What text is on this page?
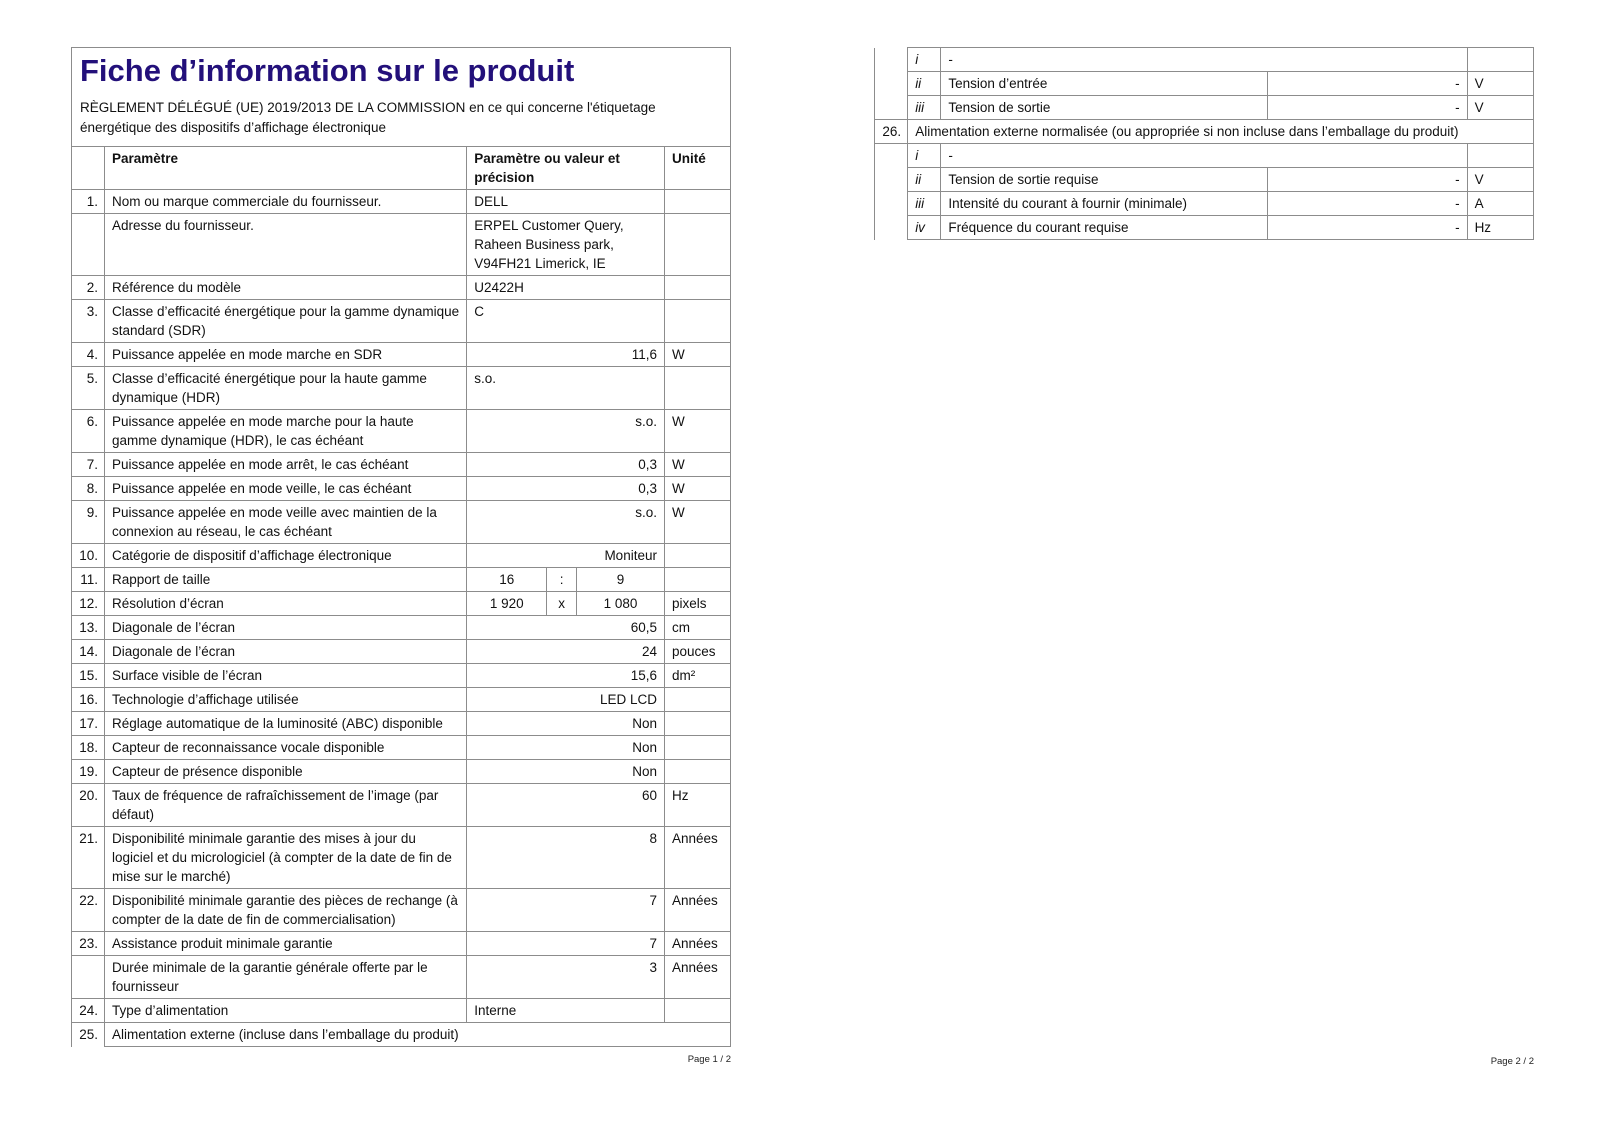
Fiche d’information sur le produit

RÈGLEMENT DÉLÉGUÉ (UE) 2019/2013 DE LA COMMISSION en ce qui concerne l'étiquetage énergétique des dispositifs d’affichage électronique

	Paramètre	Paramètre ou valeur et précision			Unité
1.	Nom ou marque commerciale du fournisseur.	DELL			
	Adresse du fournisseur.	ERPEL Customer Query, Raheen Business park, V94FH21 Limerick, IE			
2.	Référence du modèle	U2422H			
3.	Classe d’efficacité énergétique pour la gamme dynamique standard (SDR)	C			
4.	Puissance appelée en mode marche en SDR	11,6			W
5.	Classe d’efficacité énergétique pour la haute gamme dynamique (HDR)	s.o.			
6.	Puissance appelée en mode marche pour la haute gamme dynamique (HDR), le cas échéant	s.o.			W
7.	Puissance appelée en mode arrêt, le cas échéant	0,3			W
8.	Puissance appelée en mode veille, le cas échéant	0,3			W
9.	Puissance appelée en mode veille avec maintien de la connexion au réseau, le cas échéant	s.o.			W
10.	Catégorie de dispositif d’affichage électronique	Moniteur			
11.	Rapport de taille	16	:	9	
12.	Résolution d’écran	1 920	x	1 080	pixels
13.	Diagonale de l’écran	60,5			cm
14.	Diagonale de l’écran	24			pouces
15.	Surface visible de l’écran	15,6			dm²
16.	Technologie d’affichage utilisée	LED LCD			
17.	Réglage automatique de la luminosité (ABC) disponible	Non			
18.	Capteur de reconnaissance vocale disponible	Non			
19.	Capteur de présence disponible	Non			
20.	Taux de fréquence de rafraîchissement de l’image (par défaut)	60			Hz
21.	Disponibilité minimale garantie des mises à jour du logiciel et du micrologiciel (à compter de la date de fin de mise sur le marché)	8			Années
22.	Disponibilité minimale garantie des pièces de rechange (à compter de la date de fin de commercialisation)	7			Années
23.	Assistance produit minimale garantie	7			Années
	Durée minimale de la garantie générale offerte par le fournisseur	3			Années
24.	Type d’alimentation	Interne			
25.	Alimentation externe (incluse dans l’emballage du produit)				
Page 1 / 2
	i	-		
	ii	Tension d’entrée	-	V
	iii	Tension de sortie	-	V
26.	Alimentation externe normalisée (ou appropriée si non incluse dans l’emballage du produit)			
	i	-		
	ii	Tension de sortie requise	-	V
	iii	Intensité du courant à fournir (minimale)	-	A
	iv	Fréquence du courant requise	-	Hz
Page 2 / 2
